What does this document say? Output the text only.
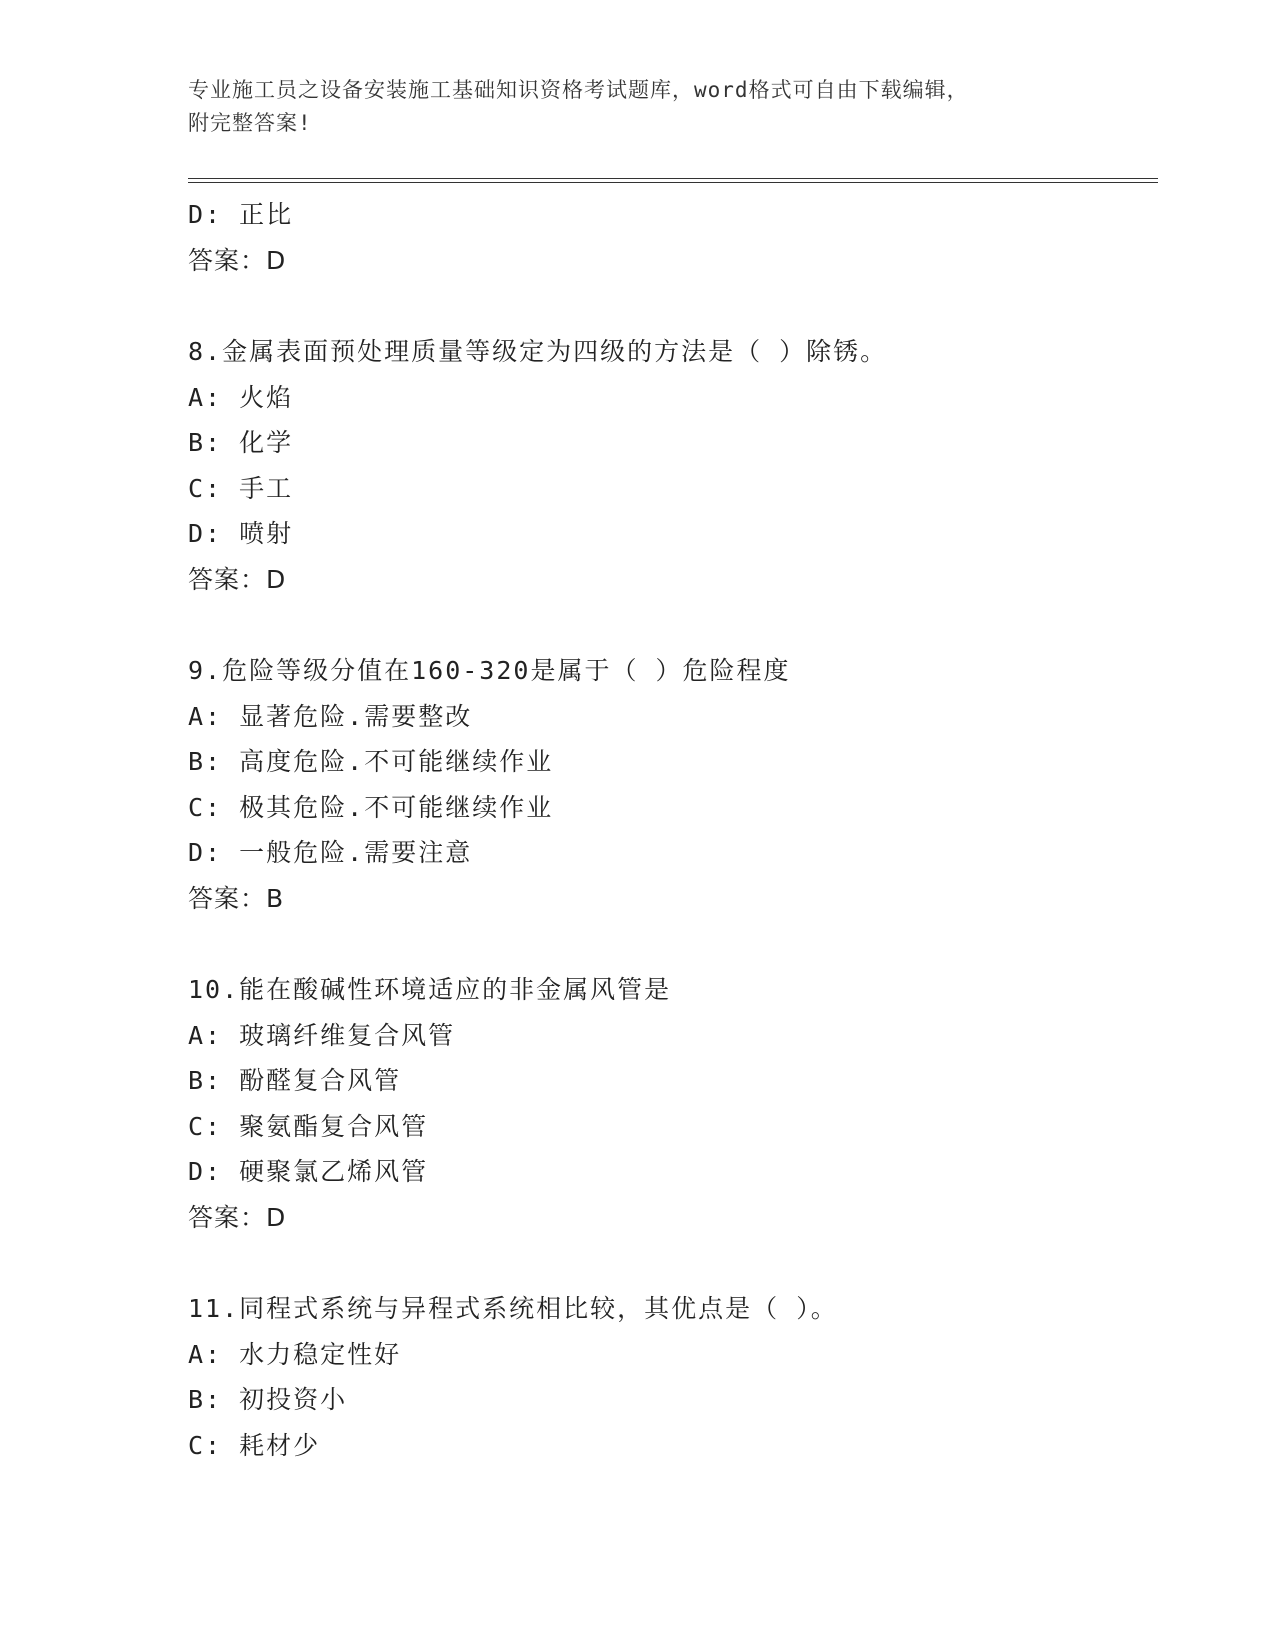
专业施工员之设备安装施工基础知识资格考试题库，word格式可自由下载编辑，
附完整答案!
D: 正比
答案：D
8.金属表面预处理质量等级定为四级的方法是（ ）除锈。
A: 火焰
B: 化学
C: 手工
D: 喷射
答案：D
9.危险等级分值在160-320是属于（ ）危险程度
A: 显著危险.需要整改
B: 高度危险.不可能继续作业
C: 极其危险.不可能继续作业
D: 一般危险.需要注意
答案：B
10.能在酸碱性环境适应的非金属风管是
A: 玻璃纤维复合风管
B: 酚醛复合风管
C: 聚氨酯复合风管
D: 硬聚氯乙烯风管
答案：D
11.同程式系统与异程式系统相比较，其优点是（ ）。
A: 水力稳定性好
B: 初投资小
C: 耗材少
